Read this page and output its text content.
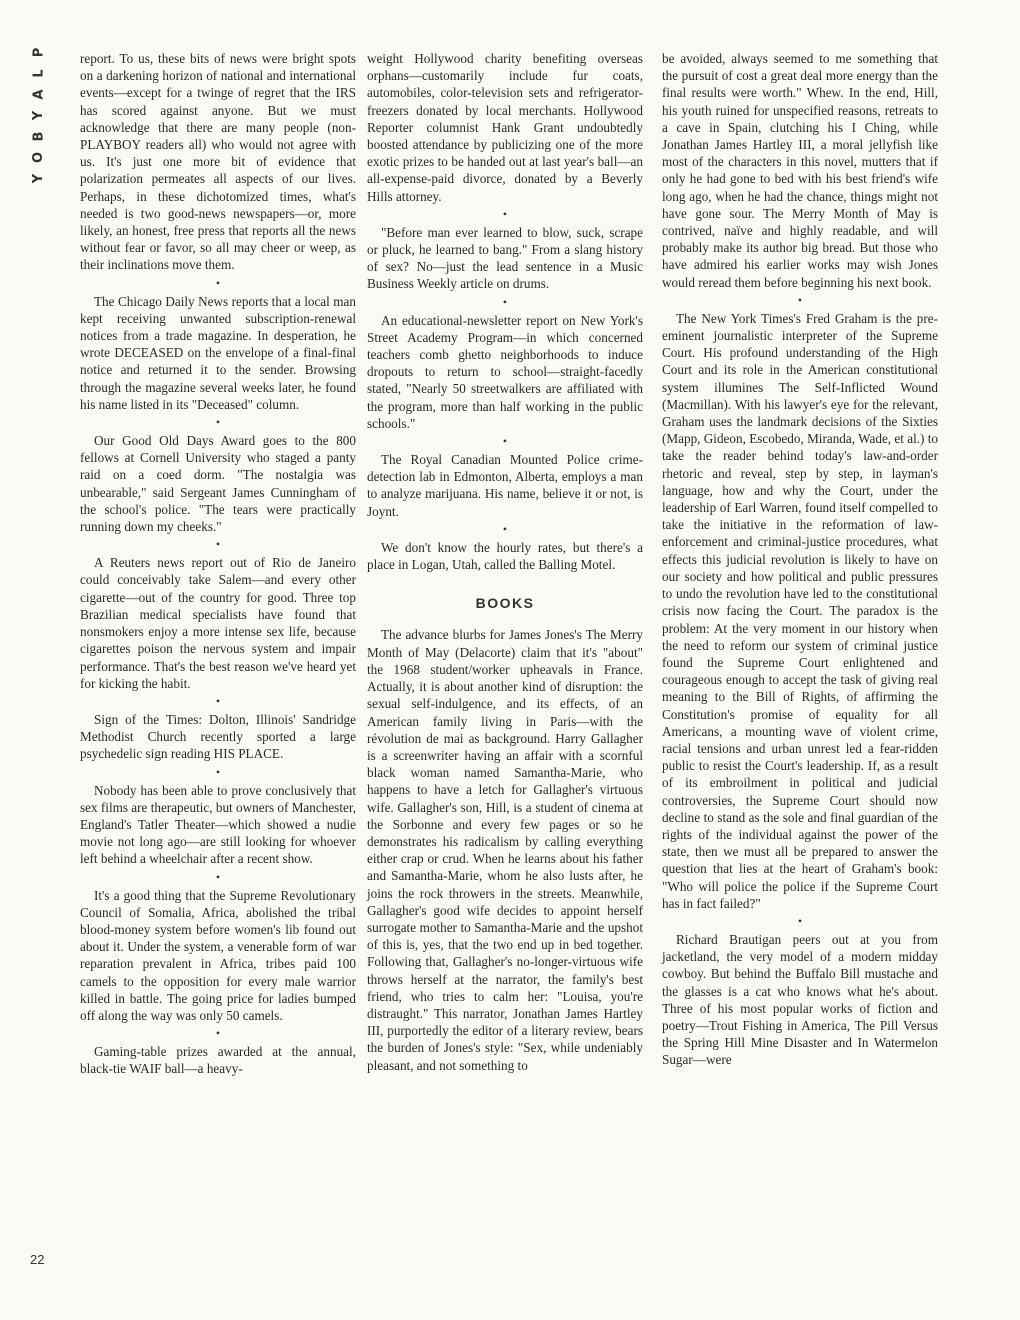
P
L
A
Y
B
O
Y

report. To us, these bits of news were bright spots on a darkening horizon of national and international events—except for a twinge of regret that the IRS has scored against anyone. But we must acknowledge that there are many people (non-PLAYBOY readers all) who would not agree with us. It's just one more bit of evidence that polarization permeates all aspects of our lives. Perhaps, in these dichotomized times, what's needed is two good-news newspapers—or, more likely, an honest, free press that reports all the news without fear or favor, so all may cheer or weep, as their inclinations move them.

•

The Chicago Daily News reports that a local man kept receiving unwanted subscription-renewal notices from a trade magazine. In desperation, he wrote DECEASED on the envelope of a final-final notice and returned it to the sender. Browsing through the magazine several weeks later, he found his name listed in its "Deceased" column.

•

Our Good Old Days Award goes to the 800 fellows at Cornell University who staged a panty raid on a coed dorm. "The nostalgia was unbearable," said Sergeant James Cunningham of the school's police. "The tears were practically running down my cheeks."

•

A Reuters news report out of Rio de Janeiro could conceivably take Salem—and every other cigarette—out of the country for good. Three top Brazilian medical specialists have found that nonsmokers enjoy a more intense sex life, because cigarettes poison the nervous system and impair performance. That's the best reason we've heard yet for kicking the habit.

•

Sign of the Times: Dolton, Illinois' Sandridge Methodist Church recently sported a large psychedelic sign reading HIS PLACE.

•

Nobody has been able to prove conclusively that sex films are therapeutic, but owners of Manchester, England's Tatler Theater—which showed a nudie movie not long ago—are still looking for whoever left behind a wheelchair after a recent show.

•

It's a good thing that the Supreme Revolutionary Council of Somalia, Africa, abolished the tribal blood-money system before women's lib found out about it. Under the system, a venerable form of war reparation prevalent in Africa, tribes paid 100 camels to the opposition for every male warrior killed in battle. The going price for ladies bumped off along the way was only 50 camels.

•

Gaming-table prizes awarded at the annual, black-tie WAIF ball—a heavy-

weight Hollywood charity benefiting overseas orphans—customarily include fur coats, automobiles, color-television sets and refrigerator-freezers donated by local merchants. Hollywood Reporter columnist Hank Grant undoubtedly boosted attendance by publicizing one of the more exotic prizes to be handed out at last year's ball—an all-expense-paid divorce, donated by a Beverly Hills attorney.

•

"Before man ever learned to blow, suck, scrape or pluck, he learned to bang." From a slang history of sex? No—just the lead sentence in a Music Business Weekly article on drums.

•

An educational-newsletter report on New York's Street Academy Program—in which concerned teachers comb ghetto neighborhoods to induce dropouts to return to school—straight-facedly stated, "Nearly 50 streetwalkers are affiliated with the program, more than half working in the public schools."

•

The Royal Canadian Mounted Police crime-detection lab in Edmonton, Alberta, employs a man to analyze marijuana. His name, believe it or not, is Joynt.

•

We don't know the hourly rates, but there's a place in Logan, Utah, called the Balling Motel.

BOOKS

The advance blurbs for James Jones's The Merry Month of May (Delacorte) claim that it's "about" the 1968 student/worker upheavals in France. Actually, it is about another kind of disruption: the sexual self-indulgence, and its effects, of an American family living in Paris—with the révolution de mai as background. Harry Gallagher is a screenwriter having an affair with a scornful black woman named Samantha-Marie, who happens to have a letch for Gallagher's virtuous wife. Gallagher's son, Hill, is a student of cinema at the Sorbonne and every few pages or so he demonstrates his radicalism by calling everything either crap or crud. When he learns about his father and Samantha-Marie, whom he also lusts after, he joins the rock throwers in the streets. Meanwhile, Gallagher's good wife decides to appoint herself surrogate mother to Samantha-Marie and the upshot of this is, yes, that the two end up in bed together. Following that, Gallagher's no-longer-virtuous wife throws herself at the narrator, the family's best friend, who tries to calm her: "Louisa, you're distraught." This narrator, Jonathan James Hartley III, purportedly the editor of a literary review, bears the burden of Jones's style: "Sex, while undeniably pleasant, and not something to

be avoided, always seemed to me something that the pursuit of cost a great deal more energy than the final results were worth." Whew. In the end, Hill, his youth ruined for unspecified reasons, retreats to a cave in Spain, clutching his I Ching, while Jonathan James Hartley III, a moral jellyfish like most of the characters in this novel, mutters that if only he had gone to bed with his best friend's wife long ago, when he had the chance, things might not have gone sour. The Merry Month of May is contrived, naïve and highly readable, and will probably make its author big bread. But those who have admired his earlier works may wish Jones would reread them before beginning his next book.

•

The New York Times's Fred Graham is the pre-eminent journalistic interpreter of the Supreme Court. His profound understanding of the High Court and its role in the American constitutional system illumines The Self-Inflicted Wound (Macmillan). With his lawyer's eye for the relevant, Graham uses the landmark decisions of the Sixties (Mapp, Gideon, Escobedo, Miranda, Wade, et al.) to take the reader behind today's law-and-order rhetoric and reveal, step by step, in layman's language, how and why the Court, under the leadership of Earl Warren, found itself compelled to take the initiative in the reformation of law-enforcement and criminal-justice procedures, what effects this judicial revolution is likely to have on our society and how political and public pressures to undo the revolution have led to the constitutional crisis now facing the Court. The paradox is the problem: At the very moment in our history when the need to reform our system of criminal justice found the Supreme Court enlightened and courageous enough to accept the task of giving real meaning to the Bill of Rights, of affirming the Constitution's promise of equality for all Americans, a mounting wave of violent crime, racial tensions and urban unrest led a fear-ridden public to resist the Court's leadership. If, as a result of its embroilment in political and judicial controversies, the Supreme Court should now decline to stand as the sole and final guardian of the rights of the individual against the power of the state, then we must all be prepared to answer the question that lies at the heart of Graham's book: "Who will police the police if the Supreme Court has in fact failed?"

•

Richard Brautigan peers out at you from jacketland, the very model of a modern midday cowboy. But behind the Buffalo Bill mustache and the glasses is a cat who knows what he's about. Three of his most popular works of fiction and poetry—Trout Fishing in America, The Pill Versus the Spring Hill Mine Disaster and In Watermelon Sugar—were

22
